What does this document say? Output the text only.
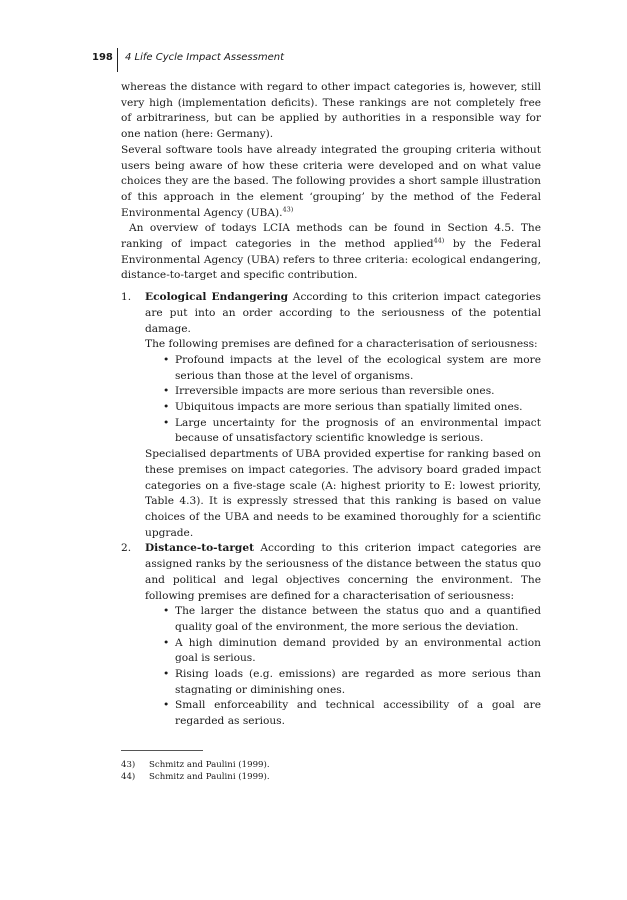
198 4 Life Cycle Impact Assessment

whereas the distance with regard to other impact categories is, however, still very high (implementation deficits). These rankings are not completely free of arbitrariness, but can be applied by authorities in a responsible way for one nation (here: Germany).

Several software tools have already integrated the grouping criteria without users being aware of how these criteria were developed and on what value choices they are the based. The following provides a short sample illustration of this approach in the element ‘grouping’ by the method of the Federal Environmental Agency (UBA).$^{43)}$

An overview of todays LCIA methods can be found in Section 4.5. The ranking of impact categories in the method applied$^{44)}$ by the Federal Environmental Agency (UBA) refers to three criteria: ecological endangering, distance-to-target and specific contribution.

1. Ecological Endangering According to this criterion impact categories are put into an order according to the seriousness of the potential damage.

The following premises are defined for a characterisation of seriousness:

• Profound impacts at the level of the ecological system are more serious than those at the level of organisms.
• Irreversible impacts are more serious than reversible ones.
• Ubiquitous impacts are more serious than spatially limited ones.
• Large uncertainty for the prognosis of an environmental impact because of unsatisfactory scientific knowledge is serious.

Specialised departments of UBA provided expertise for ranking based on these premises on impact categories. The advisory board graded impact categories on a five-stage scale (A: highest priority to E: lowest priority, Table 4.3). It is expressly stressed that this ranking is based on value choices of the UBA and needs to be examined thoroughly for a scientific upgrade.

2. Distance-to-target According to this criterion impact categories are assigned ranks by the seriousness of the distance between the status quo and political and legal objectives concerning the environment. The following premises are defined for a characterisation of seriousness:

• The larger the distance between the status quo and a quantified quality goal of the environment, the more serious the deviation.
• A high diminution demand provided by an environmental action goal is serious.
• Rising loads (e.g. emissions) are regarded as more serious than stagnating or diminishing ones.
• Small enforceability and technical accessibility of a goal are regarded as serious.
43) Schmitz and Paulini (1999).
44) Schmitz and Paulini (1999).
